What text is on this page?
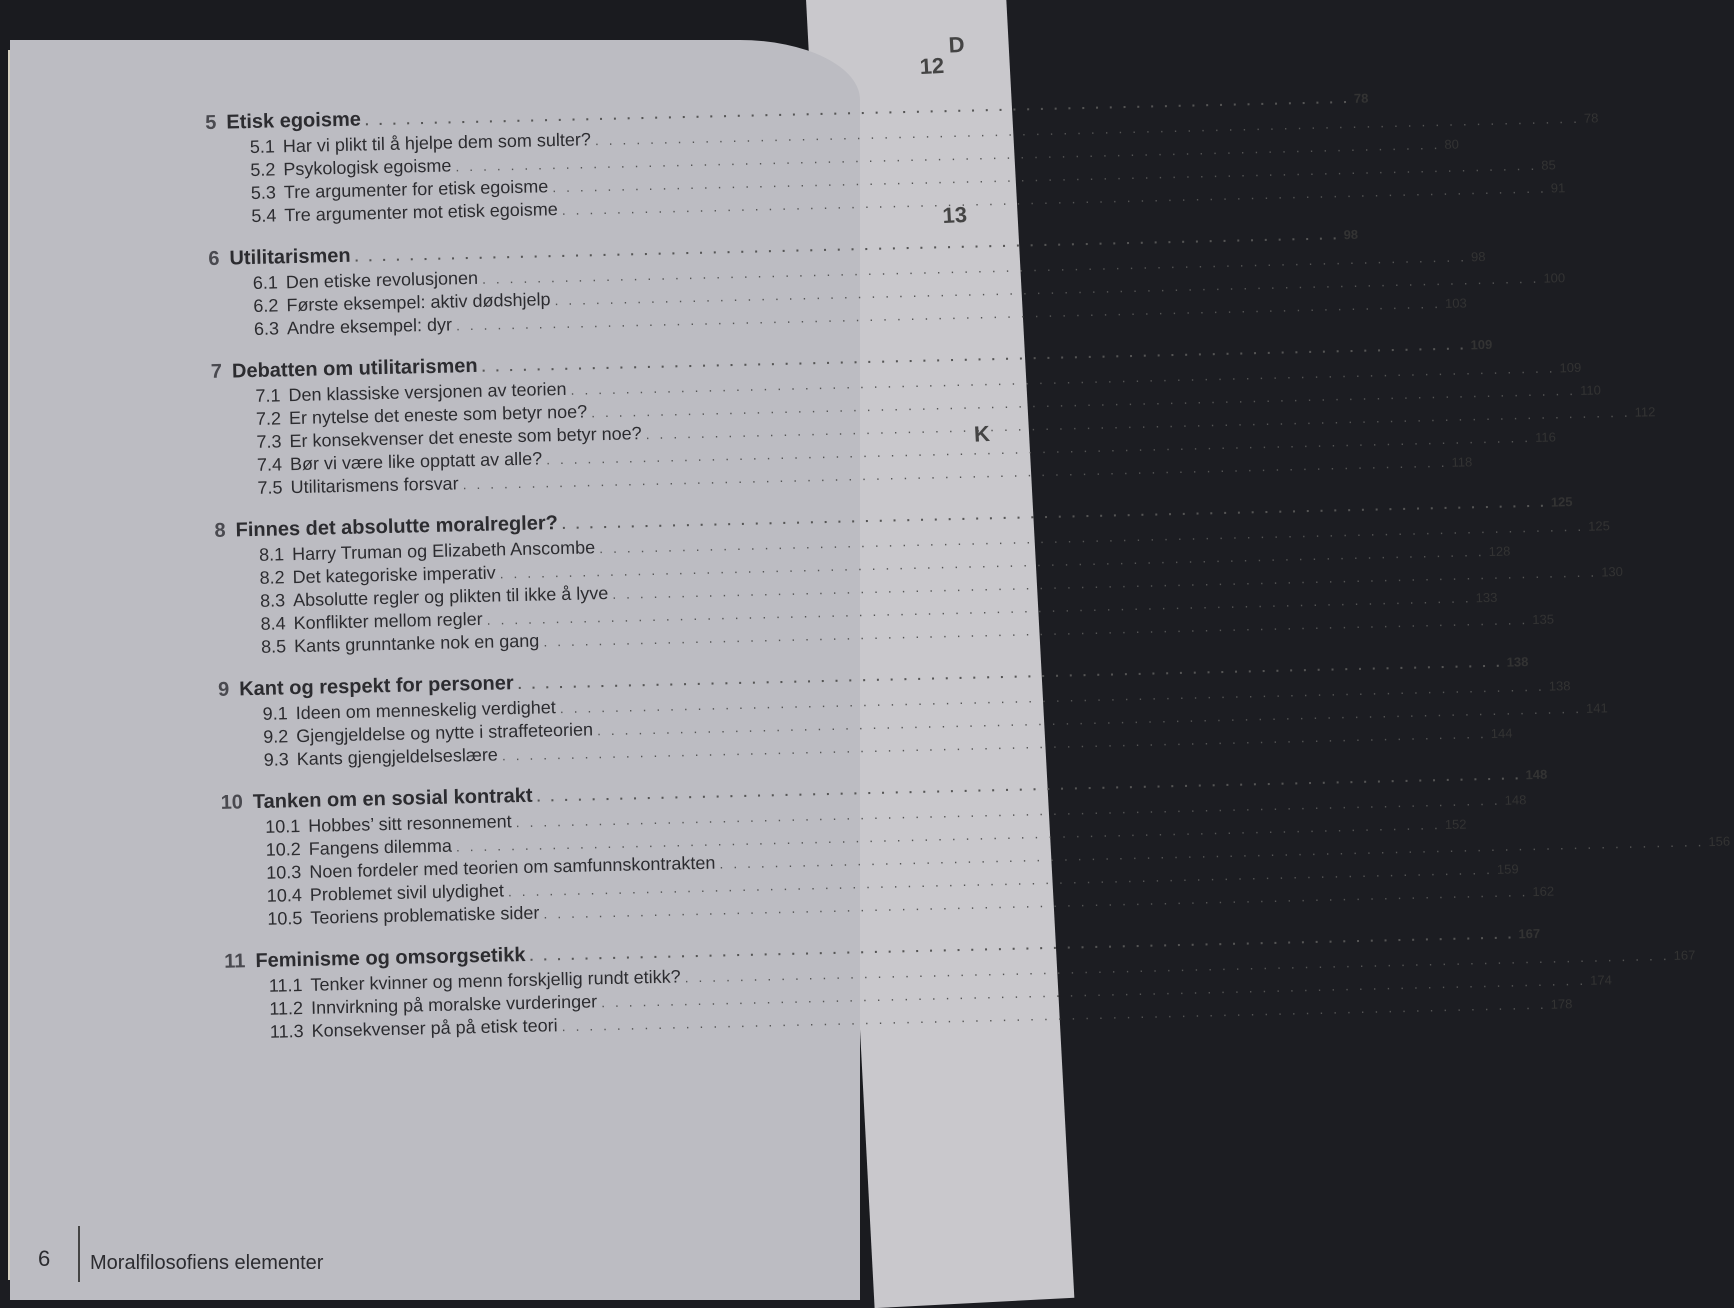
12
D
13
K
5 Etisk egoisme
. . .
78
5.1 Har vi plikt til å hjelpe dem som sulter?
. . .
78
5.2 Psykologisk egoisme
. . .
80
5.3 Tre argumenter for etisk egoisme
. . .
85
5.4 Tre argumenter mot etisk egoisme
. . .
91
6 Utilitarismen
. . .
98
6.1 Den etiske revolusjonen
. . .
98
6.2 Første eksempel: aktiv dødshjelp
. . .
100
6.3 Andre eksempel: dyr
. . .
103
7 Debatten om utilitarismen
. . .
109
7.1 Den klassiske versjonen av teorien
. . .
109
7.2 Er nytelse det eneste som betyr noe?
. . .
110
7.3 Er konsekvenser det eneste som betyr noe?
. . .
112
7.4 Bør vi være like opptatt av alle?
. . .
116
7.5 Utilitarismens forsvar
. . .
118
8 Finnes det absolutte moralregler?
. . .
125
8.1 Harry Truman og Elizabeth Anscombe
. . .
125
8.2 Det kategoriske imperativ
. . .
128
8.3 Absolutte regler og plikten til ikke å lyve
. . .
130
8.4 Konflikter mellom regler
. . .
133
8.5 Kants grunntanke nok en gang
. . .
135
9 Kant og respekt for personer
. . .
138
9.1 Ideen om menneskelig verdighet
. . .
138
9.2 Gjengjeldelse og nytte i straffeteorien
. . .
141
9.3 Kants gjengjeldelseslære
. . .
144
10 Tanken om en sosial kontrakt
. . .
148
10.1 Hobbes’ sitt resonnement
. . .
148
10.2 Fangens dilemma
. . .
152
10.3 Noen fordeler med teorien om samfunnskontrakten
. . .
156
10.4 Problemet sivil ulydighet
. . .
159
10.5 Teoriens problematiske sider
. . .
162
11 Feminisme og omsorgsetikk
. . .
167
11.1 Tenker kvinner og menn forskjellig rundt etikk?
. . .
167
11.2 Innvirkning på moralske vurderinger
. . .
174
11.3 Konsekvenser på på etisk teori
. . .
178
6 Moralfilosofiens elementer
